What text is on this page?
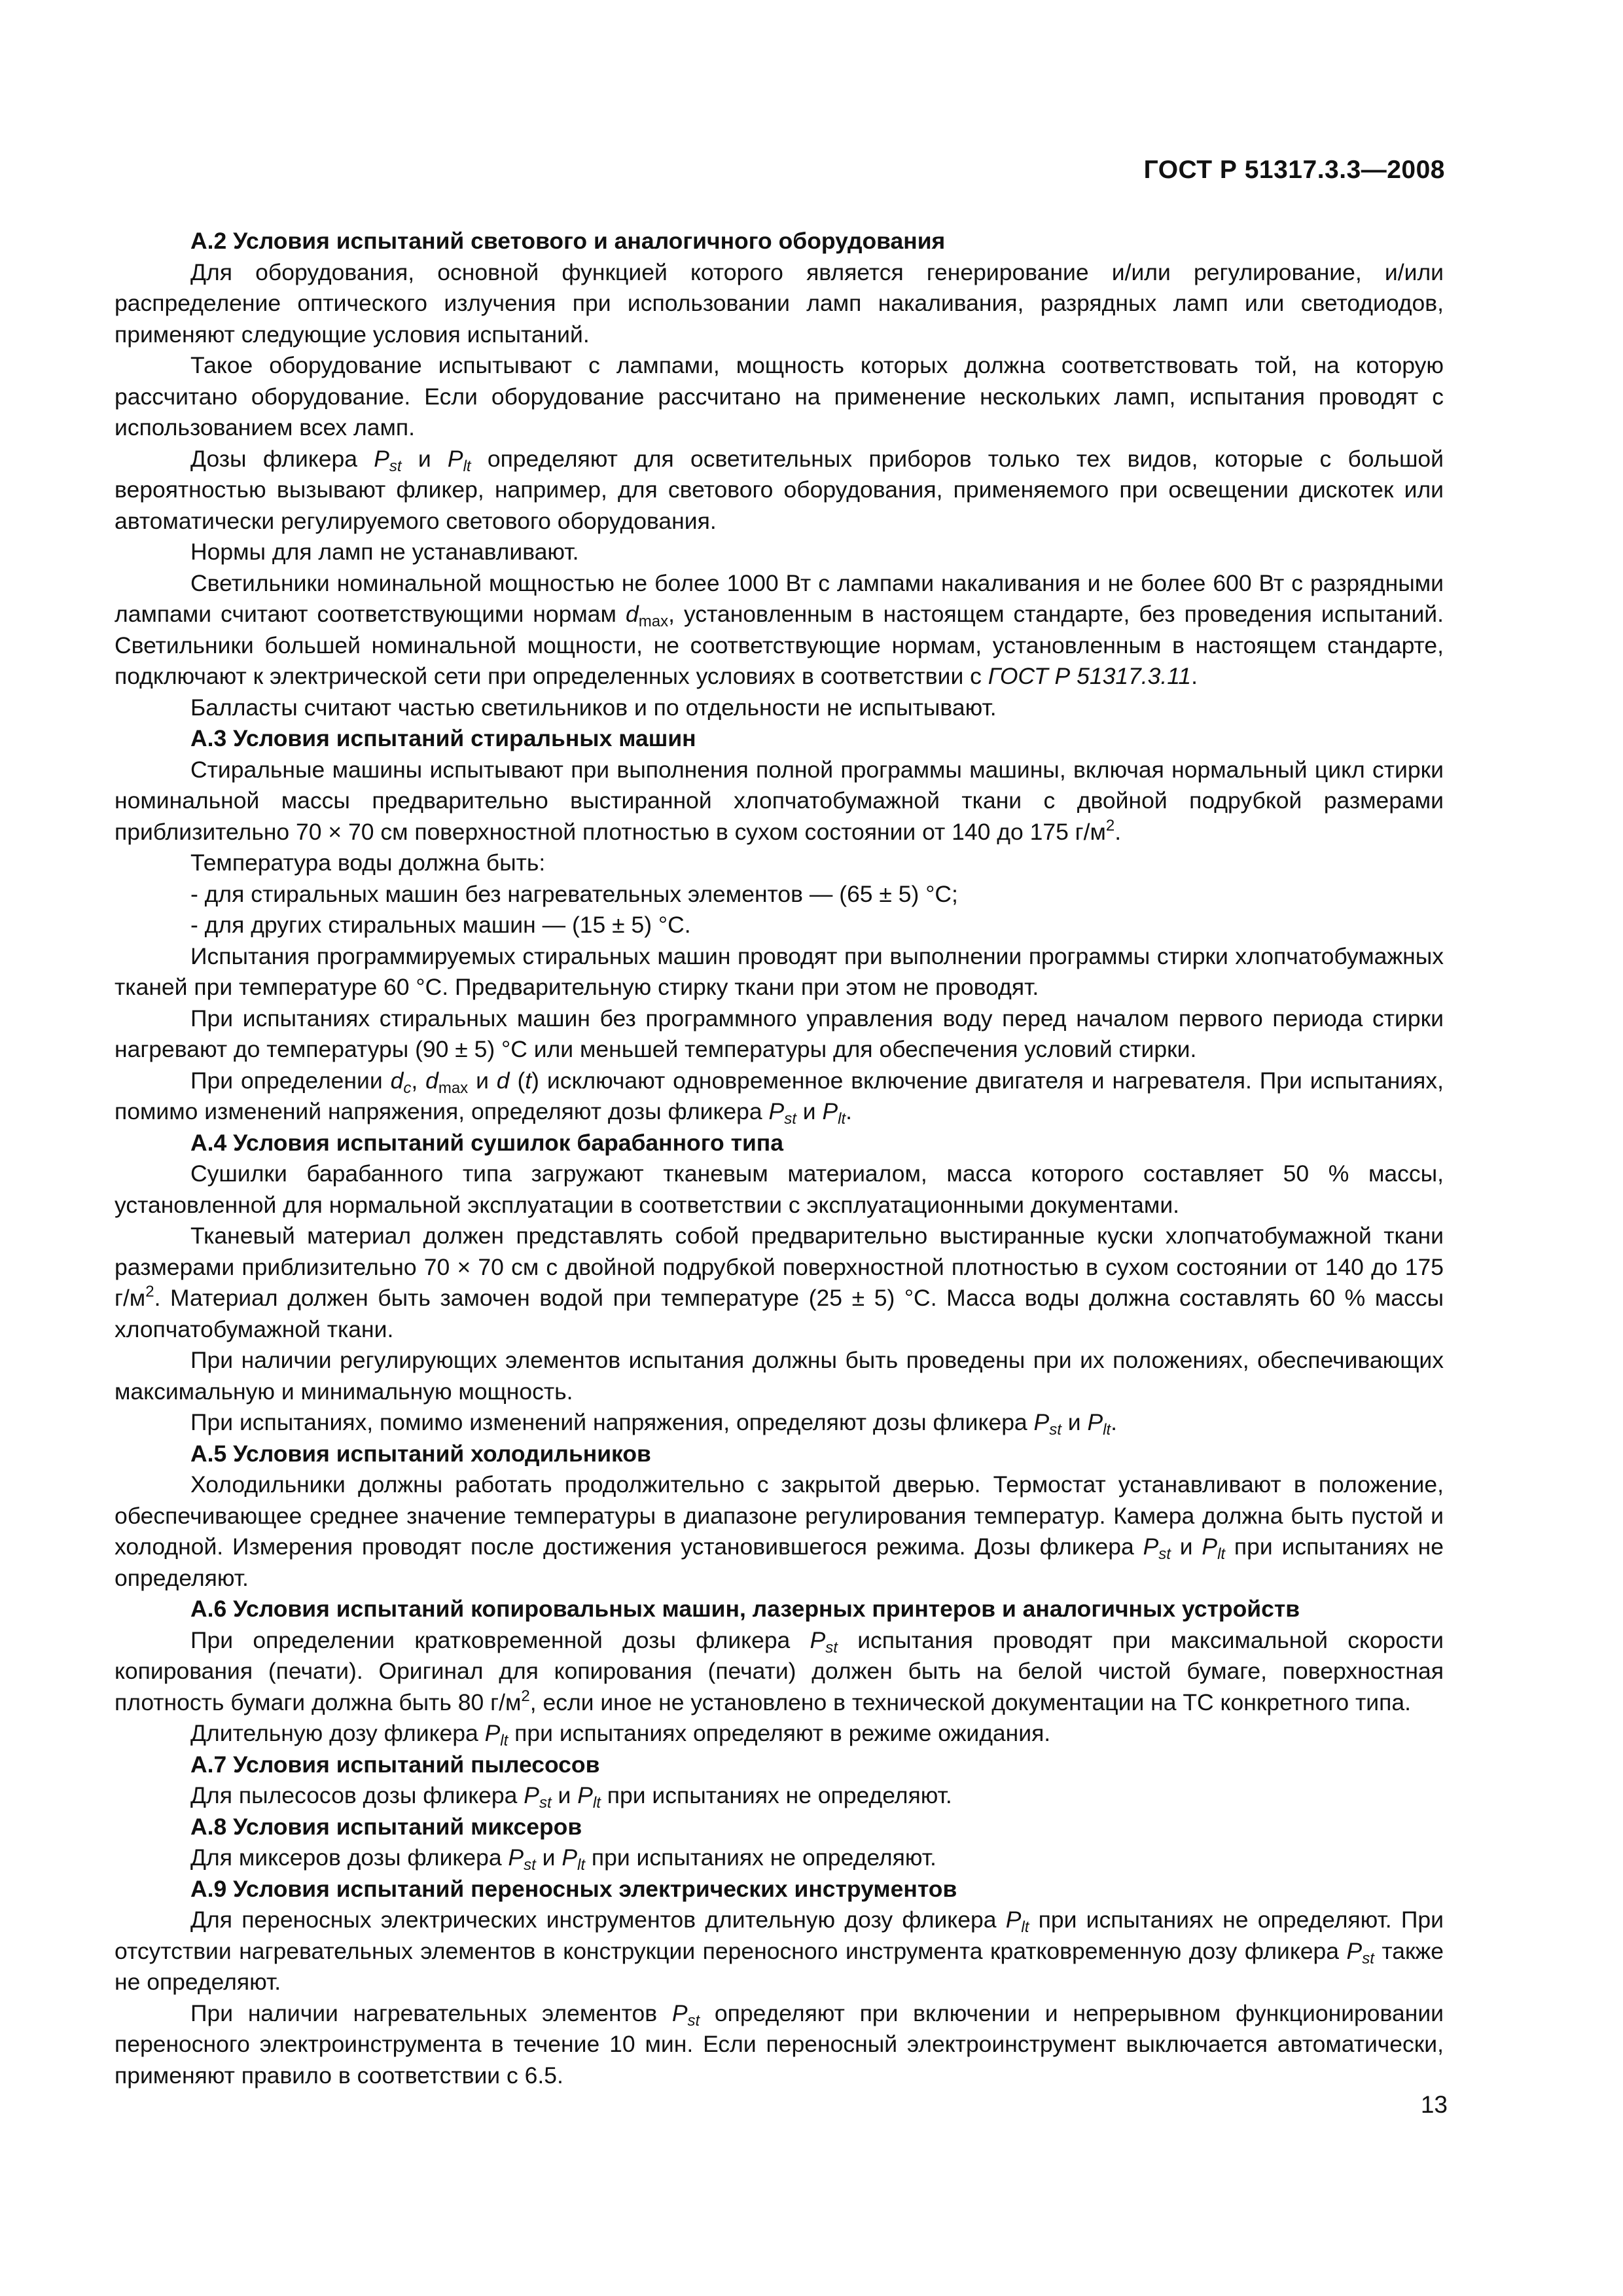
ГОСТ Р 51317.3.3—2008

А.2 Условия испытаний светового и аналогичного оборудования

Для оборудования, основной функцией которого является генерирование и/или регулирование, и/или распределение оптического излучения при использовании ламп накаливания, разрядных ламп или светодиодов, применяют следующие условия испытаний.

Такое оборудование испытывают с лампами, мощность которых должна соответствовать той, на которую рассчитано оборудование. Если оборудование рассчитано на применение нескольких ламп, испытания проводят с использованием всех ламп.

Дозы фликера $P_{st}$ и $P_{lt}$ определяют для осветительных приборов только тех видов, которые с большой вероятностью вызывают фликер, например, для светового оборудования, применяемого при освещении дискотек или автоматически регулируемого светового оборудования.

Нормы для ламп не устанавливают.

Светильники номинальной мощностью не более 1000 Вт с лампами накаливания и не более 600 Вт с разрядными лампами считают соответствующими нормам $d_{max}$, установленным в настоящем стандарте, без проведения испытаний. Светильники большей номинальной мощности, не соответствующие нормам, установленным в настоящем стандарте, подключают к электрической сети при определенных условиях в соответствии с ГОСТ Р 51317.3.11.

Балласты считают частью светильников и по отдельности не испытывают.

А.3 Условия испытаний стиральных машин

Стиральные машины испытывают при выполнения полной программы машины, включая нормальный цикл стирки номинальной массы предварительно выстиранной хлопчатобумажной ткани с двойной подрубкой размерами приблизительно 70 × 70 см поверхностной плотностью в сухом состоянии от 140 до 175 $г/м^2$.

Температура воды должна быть:

- для стиральных машин без нагревательных элементов — (65 ± 5) °С;

- для других стиральных машин — (15 ± 5) °С.

Испытания программируемых стиральных машин проводят при выполнении программы стирки хлопчатобумажных тканей при температуре 60 °С. Предварительную стирку ткани при этом не проводят.

При испытаниях стиральных машин без программного управления воду перед началом первого периода стирки нагревают до температуры (90 ± 5) °С или меньшей температуры для обеспечения условий стирки.

При определении $d_c$, $d_{max}$ и d (t) исключают одновременное включение двигателя и нагревателя. При испытаниях, помимо изменений напряжения, определяют дозы фликера $P_{st}$ и $P_{lt}$.

А.4 Условия испытаний сушилок барабанного типа

Сушилки барабанного типа загружают тканевым материалом, масса которого составляет 50 % массы, установленной для нормальной эксплуатации в соответствии с эксплуатационными документами.

Тканевый материал должен представлять собой предварительно выстиранные куски хлопчатобумажной ткани размерами приблизительно 70 × 70 см с двойной подрубкой поверхностной плотностью в сухом состоянии от 140 до 175 $г/м^2$. Материал должен быть замочен водой при температуре (25 ± 5) °С. Масса воды должна составлять 60 % массы хлопчатобумажной ткани.

При наличии регулирующих элементов испытания должны быть проведены при их положениях, обеспечивающих максимальную и минимальную мощность.

При испытаниях, помимо изменений напряжения, определяют дозы фликера $P_{st}$ и $P_{lt}$.

А.5 Условия испытаний холодильников

Холодильники должны работать продолжительно с закрытой дверью. Термостат устанавливают в положение, обеспечивающее среднее значение температуры в диапазоне регулирования температур. Камера должна быть пустой и холодной. Измерения проводят после достижения установившегося режима. Дозы фликера $P_{st}$ и $P_{lt}$ при испытаниях не определяют.

А.6 Условия испытаний копировальных машин, лазерных принтеров и аналогичных устройств

При определении кратковременной дозы фликера $P_{st}$ испытания проводят при максимальной скорости копирования (печати). Оригинал для копирования (печати) должен быть на белой чистой бумаге, поверхностная плотность бумаги должна быть 80 $г/м^2$, если иное не установлено в технической документации на ТС конкретного типа.

Длительную дозу фликера $P_{lt}$ при испытаниях определяют в режиме ожидания.

А.7 Условия испытаний пылесосов

Для пылесосов дозы фликера $P_{st}$ и $P_{lt}$ при испытаниях не определяют.

А.8 Условия испытаний миксеров

Для миксеров дозы фликера $P_{st}$ и $P_{lt}$ при испытаниях не определяют.

А.9 Условия испытаний переносных электрических инструментов

Для переносных электрических инструментов длительную дозу фликера $P_{lt}$ при испытаниях не определяют. При отсутствии нагревательных элементов в конструкции переносного инструмента кратковременную дозу фликера $P_{st}$ также не определяют.

При наличии нагревательных элементов $P_{st}$ определяют при включении и непрерывном функционировании переносного электроинструмента в течение 10 мин. Если переносный электроинструмент выключается автоматически, применяют правило в соответствии с 6.5.

13
